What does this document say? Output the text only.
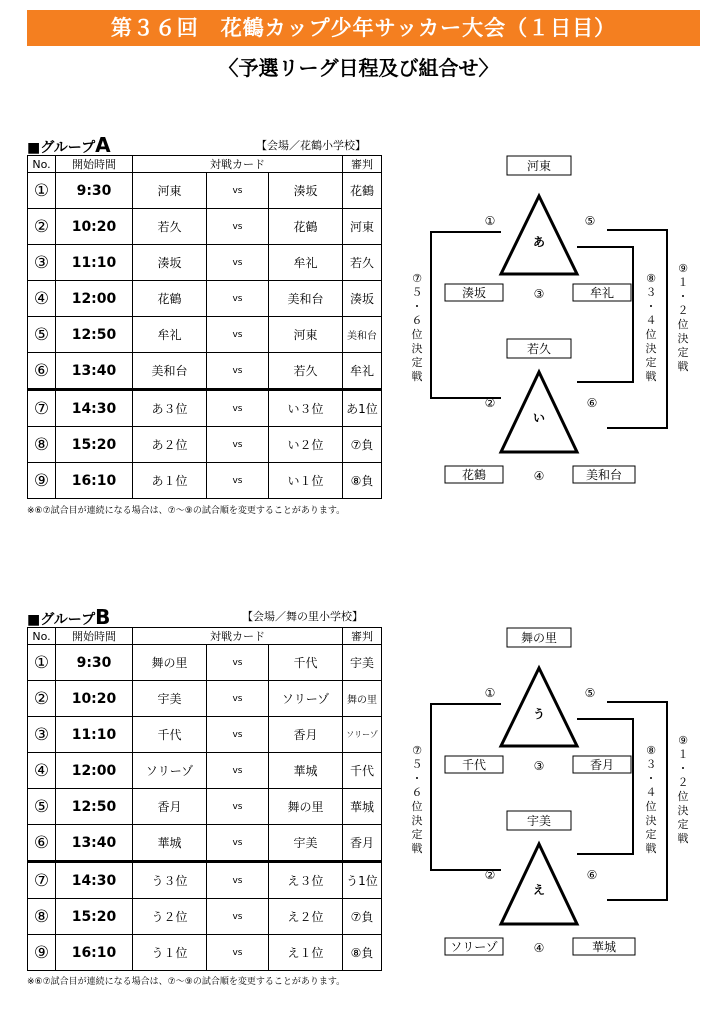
第３６回　花鶴カップ少年サッカー大会（１日目）
〈予選リーグ日程及び組合せ〉
■グループA	【会場／花鶴小学校】
No.	開始時間	対戦カード			審判
①	9:30	河東	vs	湊坂	花鶴
②	10:20	若久	vs	花鶴	河東
③	11:10	湊坂	vs	牟礼	若久
④	12:00	花鶴	vs	美和台	湊坂
⑤	12:50	牟礼	vs	河東	美和台
⑥	13:40	美和台	vs	若久	牟礼
⑦	14:30	あ３位	vs	い３位	あ1位
⑧	15:20	あ２位	vs	い２位	⑦負
⑨	16:10	あ１位	vs	い１位	⑧負
※⑥⑦試合目が連続になる場合は、⑦～⑨の試合順を変更することがあります。
河東
あ
①	⑤
湊坂	③	牟礼
若久
い
②	⑥
花鶴	④	美和台
⑦
５
・
６
位
決
定
戦
⑧
３
・
４
位
決
定
戦
⑨
１
・
２
位
決
定
戦
■グループB	【会場／舞の里小学校】
No.	開始時間	対戦カード			審判
①	9:30	舞の里	vs	千代	宇美
②	10:20	宇美	vs	ソリーゾ	舞の里
③	11:10	千代	vs	香月	ソリーゾ
④	12:00	ソリーゾ	vs	華城	千代
⑤	12:50	香月	vs	舞の里	華城
⑥	13:40	華城	vs	宇美	香月
⑦	14:30	う３位	vs	え３位	う1位
⑧	15:20	う２位	vs	え２位	⑦負
⑨	16:10	う１位	vs	え１位	⑧負
※⑥⑦試合目が連続になる場合は、⑦～⑨の試合順を変更することがあります。
舞の里
う
①	⑤
千代	③	香月
宇美
え
②	⑥
ソリーゾ	④	華城
⑦
５
・
６
位
決
定
戦
⑧
３
・
４
位
決
定
戦
⑨
１
・
２
位
決
定
戦
